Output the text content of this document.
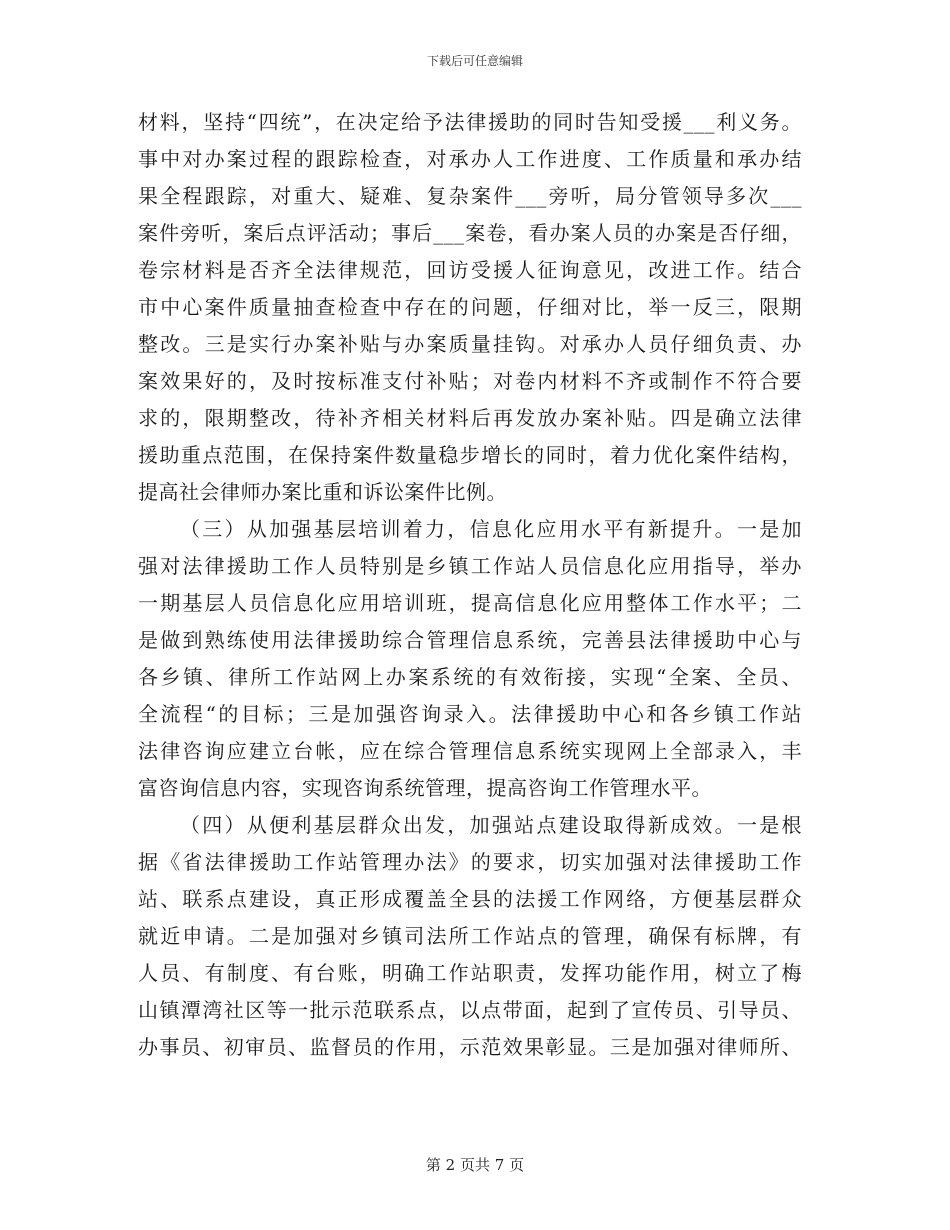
下载后可任意编辑
材料，坚持“四统”，在决定给予法律援助的同时告知受援___利义务。
事中对办案过程的跟踪检查，对承办人工作进度、工作质量和承办结
果全程跟踪，对重大、疑难、复杂案件___旁听，局分管领导多次___
案件旁听，案后点评活动；事后___案卷，看办案人员的办案是否仔细，
卷宗材料是否齐全法律规范，回访受援人征询意见，改进工作。结合
市中心案件质量抽查检查中存在的问题，仔细对比，举一反三，限期
整改。三是实行办案补贴与办案质量挂钩。对承办人员仔细负责、办
案效果好的，及时按标准支付补贴；对卷内材料不齐或制作不符合要
求的，限期整改，待补齐相关材料后再发放办案补贴。四是确立法律
援助重点范围，在保持案件数量稳步增长的同时，着力优化案件结构，
提高社会律师办案比重和诉讼案件比例。
（三）从加强基层培训着力，信息化应用水平有新提升。一是加
强对法律援助工作人员特别是乡镇工作站人员信息化应用指导，举办
一期基层人员信息化应用培训班，提高信息化应用整体工作水平；二
是做到熟练使用法律援助综合管理信息系统，完善县法律援助中心与
各乡镇、律所工作站网上办案系统的有效衔接，实现“全案、全员、
全流程“的目标；三是加强咨询录入。法律援助中心和各乡镇工作站
法律咨询应建立台帐，应在综合管理信息系统实现网上全部录入，丰
富咨询信息内容，实现咨询系统管理，提高咨询工作管理水平。
（四）从便利基层群众出发，加强站点建设取得新成效。一是根
据《省法律援助工作站管理办法》的要求，切实加强对法律援助工作
站、联系点建设，真正形成覆盖全县的法援工作网络，方便基层群众
就近申请。二是加强对乡镇司法所工作站点的管理，确保有标牌，有
人员、有制度、有台账，明确工作站职责，发挥功能作用，树立了梅
山镇潭湾社区等一批示范联系点，以点带面，起到了宣传员、引导员、
办事员、初审员、监督员的作用，示范效果彰显。三是加强对律师所、
第 2 页共 7 页
